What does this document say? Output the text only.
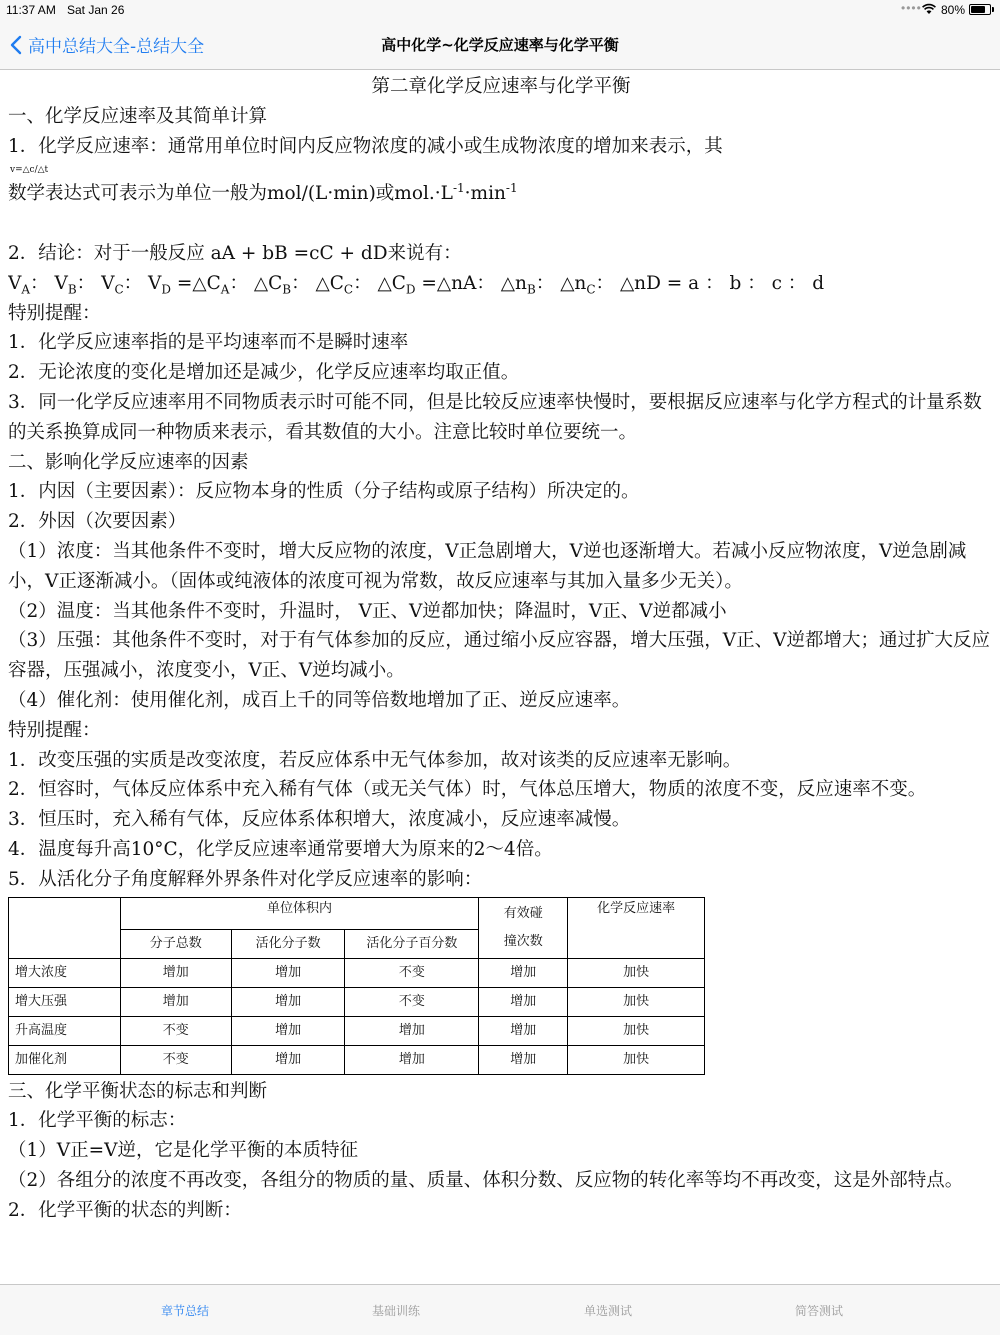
11:37 AM Sat Jan 26	•••• 80%
高中总结大全-总结大全	高中化学~化学反应速率与化学平衡

第二章化学反应速率与化学平衡

一、化学反应速率及其简单计算

1．化学反应速率：通常用单位时间内反应物浓度的减小或生成物浓度的增加来表示，其

v=△c/△t

数学表达式可表示为单位一般为mol/(L·min)或$mol.\cdot L^{-1}\cdot\min^{-1}$

2．结论：对于一般反应 aA + bB =cC + dD来说有：

$V_A$： $V_B$： $V_C$： $V_D$ $=\triangle C_A$： $\triangle C_B$： $\triangle C_C$： $\triangle C_D$ =△nA： $\triangle n_B$： $\triangle n_C$： △nD = a ： b ： c ： d

特别提醒：

1．化学反应速率指的是平均速率而不是瞬时速率

2．无论浓度的变化是增加还是减少，化学反应速率均取正值。

3．同一化学反应速率用不同物质表示时可能不同，但是比较反应速率快慢时，要根据反应速率与化学方程式的计量系数的关系换算成同一种物质来表示，看其数值的大小。注意比较时单位要统一。

二、影响化学反应速率的因素

1．内因（主要因素）：反应物本身的性质（分子结构或原子结构）所决定的。

2．外因（次要因素）

（1）浓度：当其他条件不变时，增大反应物的浓度，V正急剧增大，V逆也逐渐增大。若减小反应物浓度，V逆急剧减小，V正逐渐减小。（固体或纯液体的浓度可视为常数，故反应速率与其加入量多少无关）。

（2）温度：当其他条件不变时，升温时， V正、V逆都加快；降温时，V正、V逆都减小

（3）压强：其他条件不变时，对于有气体参加的反应，通过缩小反应容器，增大压强，V正、V逆都增大；通过扩大反应容器，压强减小，浓度变小，V正、V逆均减小。

（4）催化剂：使用催化剂，成百上千的同等倍数地增加了正、逆反应速率。

特别提醒：

1．改变压强的实质是改变浓度，若反应体系中无气体参加，故对该类的反应速率无影响。

2．恒容时，气体反应体系中充入稀有气体（或无关气体）时，气体总压增大，物质的浓度不变，反应速率不变。

3．恒压时，充入稀有气体，反应体系体积增大，浓度减小，反应速率减慢。

4．温度每升高10°C，化学反应速率通常要增大为原来的2～4倍。

5．从活化分子角度解释外界条件对化学反应速率的影响：

	单位体积内			有效碰
撞次数	化学反应速率
	分子总数	活化分子数	活化分子百分数		
增大浓度	增加	增加	不变	增加	加快
增大压强	增加	增加	不变	增加	加快
升高温度	不变	增加	增加	增加	加快
加催化剂	不变	增加	增加	增加	加快

三、化学平衡状态的标志和判断

1．化学平衡的标志：

（1）V正=V逆，它是化学平衡的本质特征

（2）各组分的浓度不再改变，各组分的物质的量、质量、体积分数、反应物的转化率等均不再改变，这是外部特点。

2．化学平衡的状态的判断：

章节总结	基础训练	单选测试	简答测试
